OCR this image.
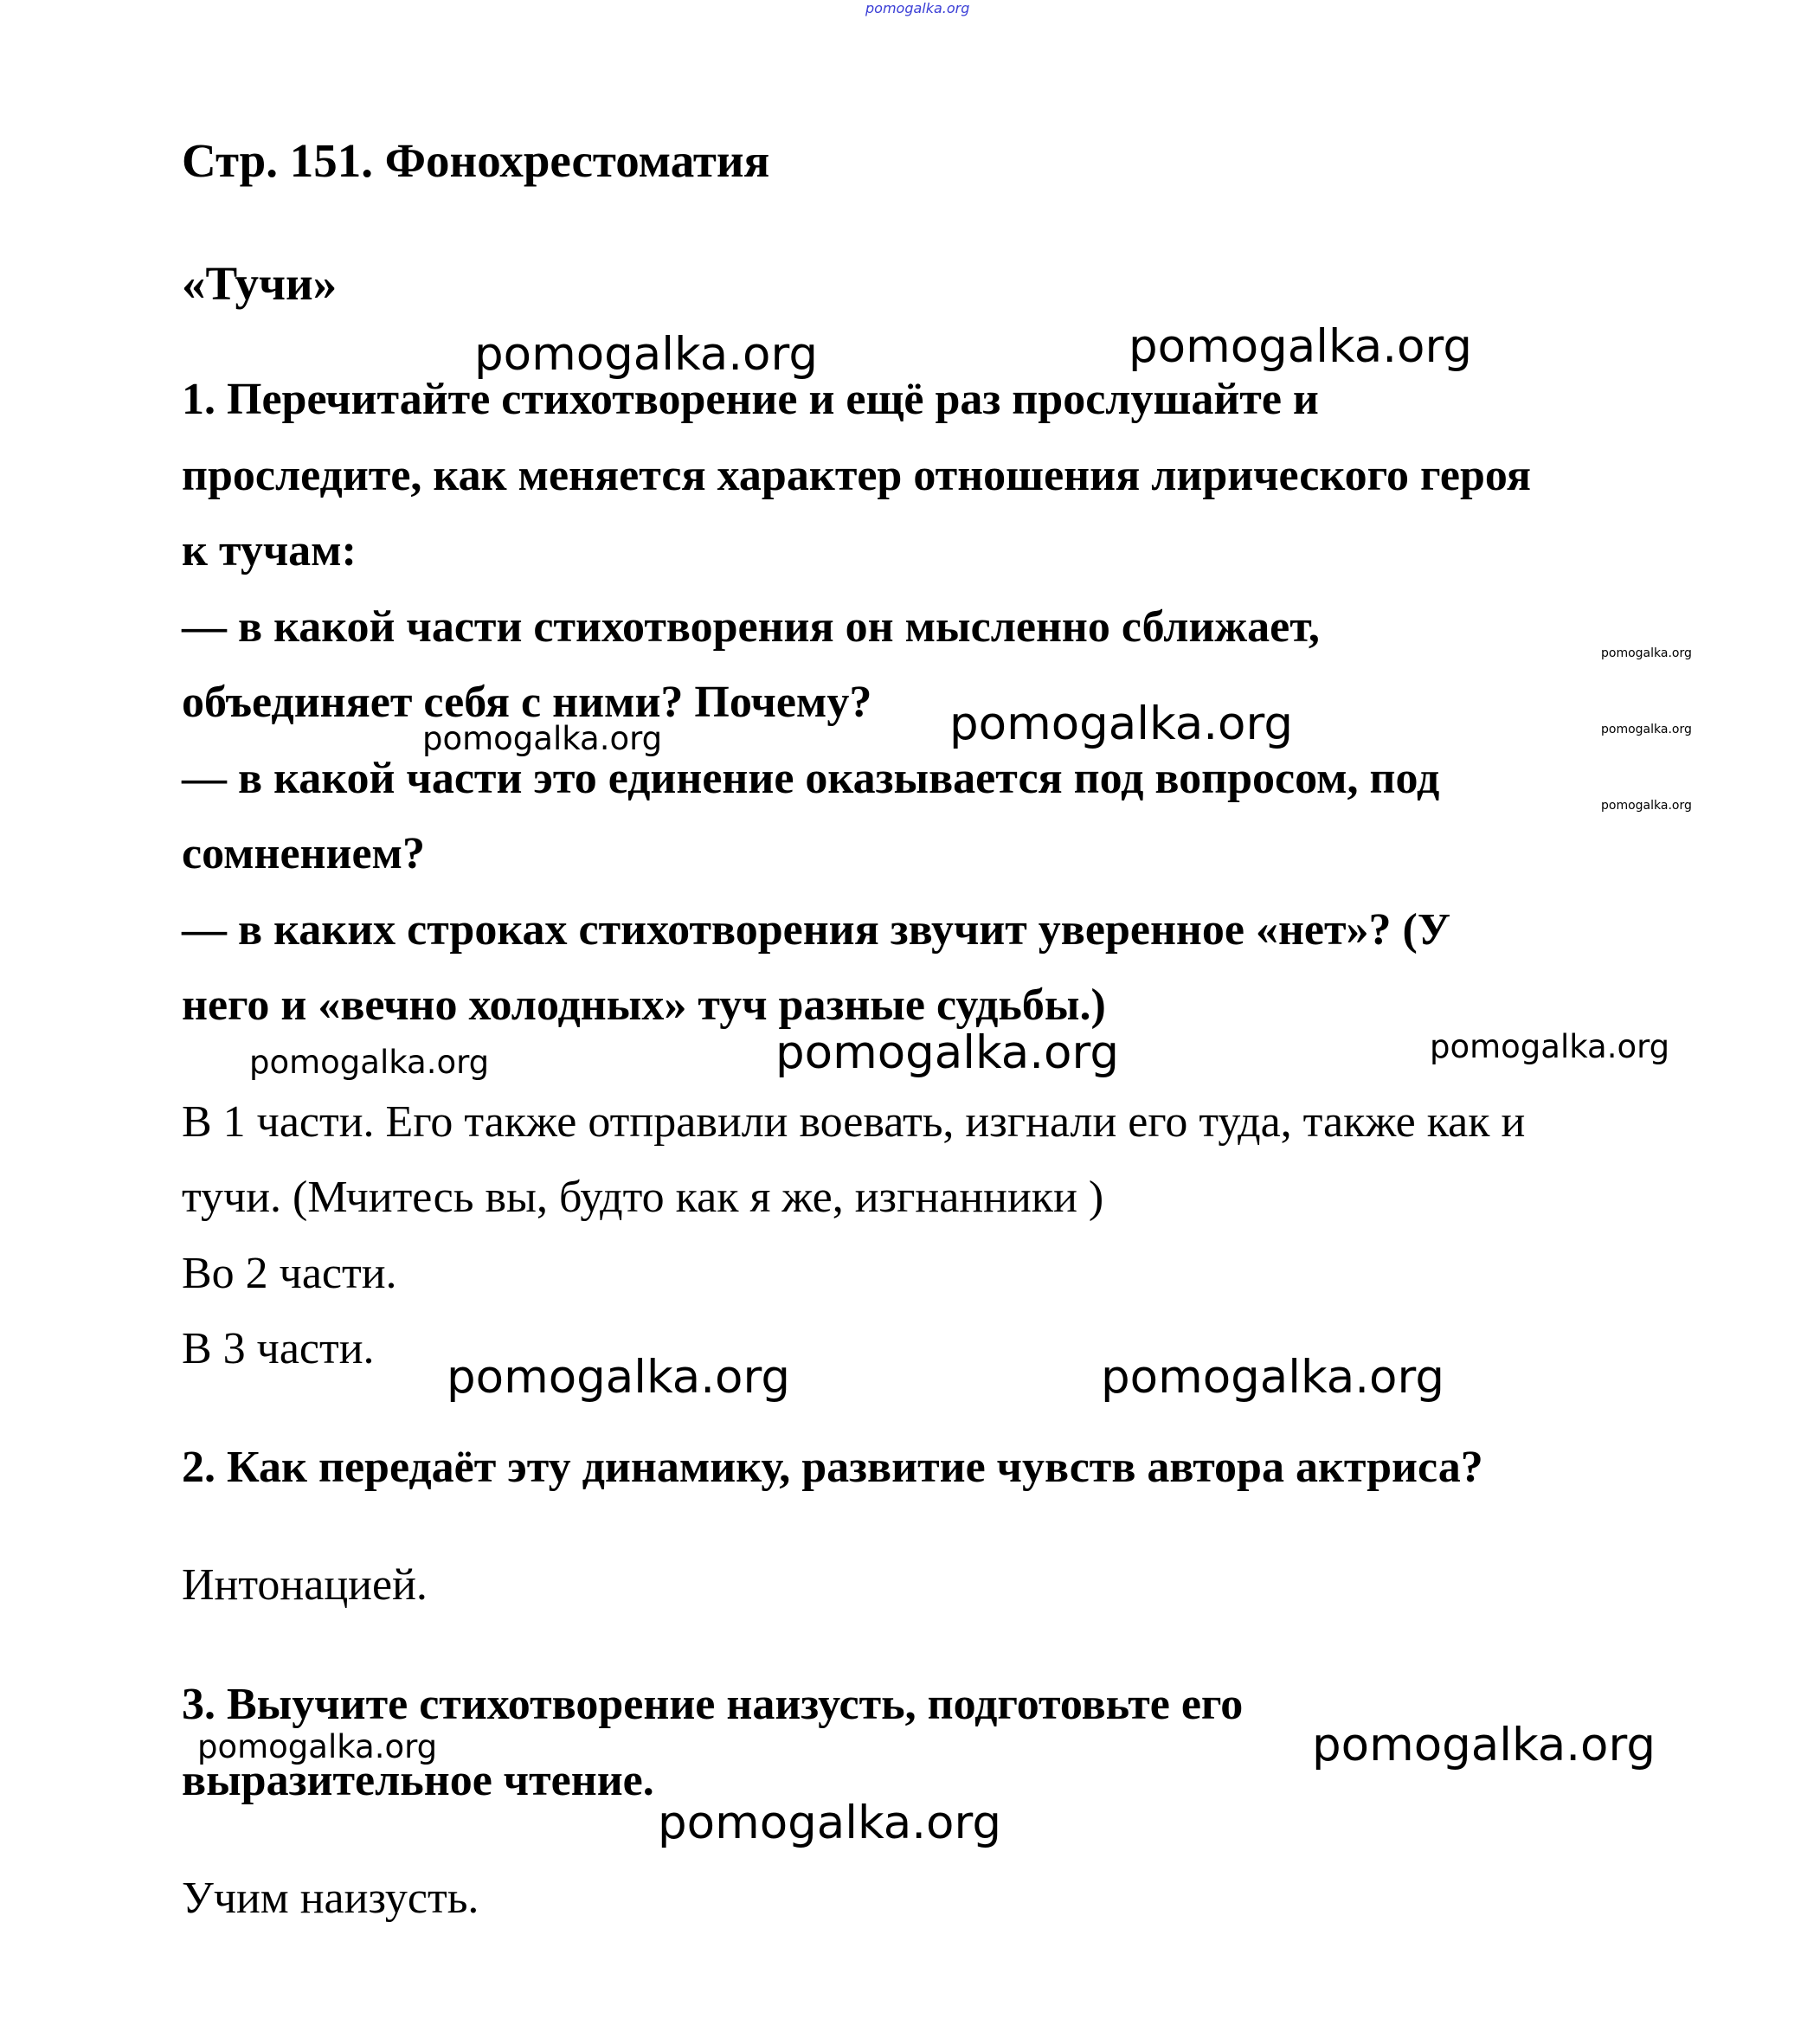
pomogalka.org
Стр. 151. Фонохрестоматия
«Тучи»
1. Перечитайте стихотворение и ещё раз прослушайте и
проследите, как меняется характер отношения лирического героя
к тучам:
— в какой части стихотворения он мысленно сближает,
объединяет себя с ними? Почему?
— в какой части это единение оказывается под вопросом, под
сомнением?
— в каких строках стихотворения звучит уверенное «нет»? (У
него и «вечно холодных» туч разные судьбы.)
В 1 части. Его также отправили воевать, изгнали его туда, также как и
тучи. (Мчитесь вы, будто как я же, изгнанники )
Во 2 части.
В 3 части.
2. Как передаёт эту динамику, развитие чувств автора актриса?
Интонацией.
3. Выучите стихотворение наизусть, подготовьте его
выразительное чтение.
Учим наизусть.
pomogalka.org	pomogalka.org
pomogalka.org
pomogalka.org
pomogalka.org	pomogalka.org
pomogalka.org
pomogalka.org	pomogalka.org	pomogalka.org
pomogalka.org	pomogalka.org
pomogalka.org	pomogalka.org
pomogalka.org
